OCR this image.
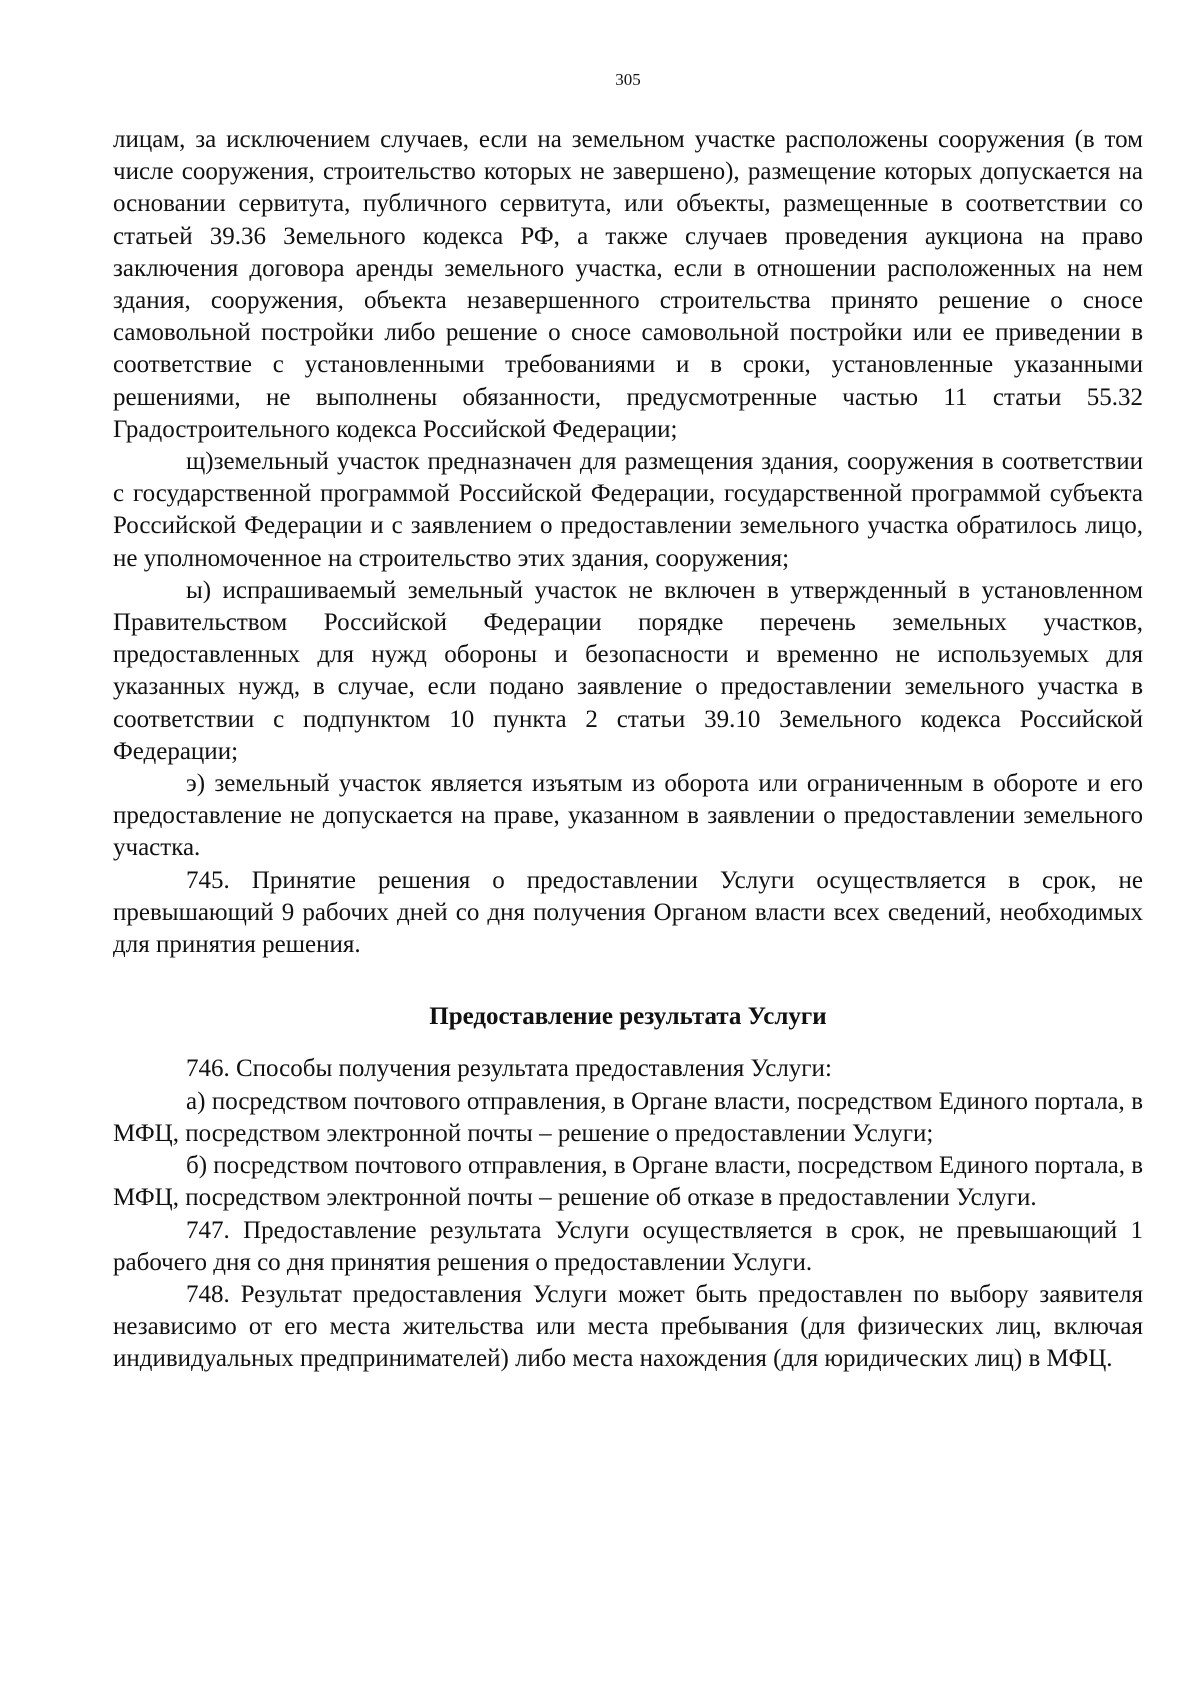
305

лицам, за исключением случаев, если на земельном участке расположены сооружения (в том числе сооружения, строительство которых не завершено), размещение которых допускается на основании сервитута, публичного сервитута, или объекты, размещенные в соответствии со статьей 39.36 Земельного кодекса РФ, а также случаев проведения аукциона на право заключения договора аренды земельного участка, если в отношении расположенных на нем здания, сооружения, объекта незавершенного строительства принято решение о сносе самовольной постройки либо решение о сносе самовольной постройки или ее приведении в соответствие с установленными требованиями и в сроки, установленные указанными решениями, не выполнены обязанности, предусмотренные частью 11 статьи 55.32 Градостроительного кодекса Российской Федерации;

щ)земельный участок предназначен для размещения здания, сооружения в соответствии с государственной программой Российской Федерации, государственной программой субъекта Российской Федерации и с заявлением о предоставлении земельного участка обратилось лицо, не уполномоченное на строительство этих здания, сооружения;

ы) испрашиваемый земельный участок не включен в утвержденный в установленном Правительством Российской Федерации порядке перечень земельных участков, предоставленных для нужд обороны и безопасности и временно не используемых для указанных нужд, в случае, если подано заявление о предоставлении земельного участка в соответствии с подпунктом 10 пункта 2 статьи 39.10 Земельного кодекса Российской Федерации;

э) земельный участок является изъятым из оборота или ограниченным в обороте и его предоставление не допускается на праве, указанном в заявлении о предоставлении земельного участка.

745. Принятие решения о предоставлении Услуги осуществляется в срок, не превышающий 9 рабочих дней со дня получения Органом власти всех сведений, необходимых для принятия решения.

Предоставление результата Услуги

746. Способы получения результата предоставления Услуги:

а) посредством почтового отправления, в Органе власти, посредством Единого портала, в МФЦ, посредством электронной почты – решение о предоставлении Услуги;

б) посредством почтового отправления, в Органе власти, посредством Единого портала, в МФЦ, посредством электронной почты – решение об отказе в предоставлении Услуги.

747. Предоставление результата Услуги осуществляется в срок, не превышающий 1 рабочего дня со дня принятия решения о предоставлении Услуги.

748. Результат предоставления Услуги может быть предоставлен по выбору заявителя независимо от его места жительства или места пребывания (для физических лиц, включая индивидуальных предпринимателей) либо места нахождения (для юридических лиц) в МФЦ.
